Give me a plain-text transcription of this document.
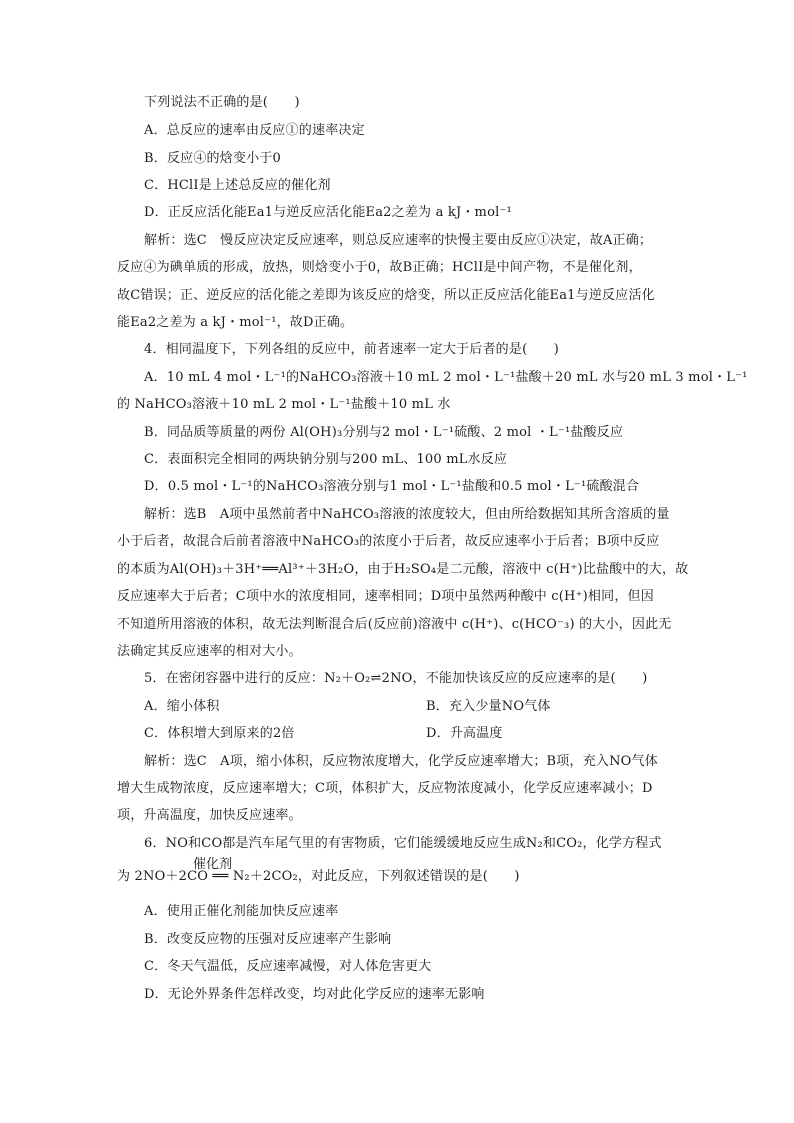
下列说法不正确的是(　　)
A．总反应的速率由反应①的速率决定
B．反应④的焓变小于0
C．HClI是上述总反应的催化剂
D．正反应活化能Ea1与逆反应活化能Ea2之差为 a kJ・mol⁻¹
解析：选C　慢反应决定反应速率，则总反应速率的快慢主要由反应①决定，故A正确；
反应④为碘单质的形成，放热，则焓变小于0，故B正确；HClI是中间产物，不是催化剂，
故C错误；正、逆反应的活化能之差即为该反应的焓变，所以正反应活化能Ea1与逆反应活化
能Ea2之差为 a kJ・mol⁻¹，故D正确。
4．相同温度下，下列各组的反应中，前者速率一定大于后者的是(　　)
A．10 mL 4 mol・L⁻¹的NaHCO₃溶液＋10 mL 2 mol・L⁻¹盐酸＋20 mL 水与20 mL 3 mol・L⁻¹
的 NaHCO₃溶液＋10 mL 2 mol・L⁻¹盐酸＋10 mL 水
B．同品质等质量的两份 Al(OH)₃分别与2 mol・L⁻¹硫酸、2 mol ・L⁻¹盐酸反应
C．表面积完全相同的两块钠分别与200 mL、100 mL水反应
D．0.5 mol・L⁻¹的NaHCO₃溶液分别与1 mol・L⁻¹盐酸和0.5 mol・L⁻¹硫酸混合
解析：选B　A项中虽然前者中NaHCO₃溶液的浓度较大，但由所给数据知其所含溶质的量
小于后者，故混合后前者溶液中NaHCO₃的浓度小于后者，故反应速率小于后者；B项中反应
的本质为Al(OH)₃＋3H⁺══Al³⁺＋3H₂O，由于H₂SO₄是二元酸，溶液中 c(H⁺)比盐酸中的大，故
反应速率大于后者；C项中水的浓度相同，速率相同；D项中虽然两种酸中 c(H⁺)相同，但因
不知道所用溶液的体积，故无法判断混合后(反应前)溶液中 c(H⁺)、c(HCO⁻₃) 的大小，因此无
法确定其反应速率的相对大小。
5．在密闭容器中进行的反应：N₂＋O₂⇌2NO，不能加快该反应的反应速率的是(　　)
A．缩小体积	B．充入少量NO气体
C．体积增大到原来的2倍	D．升高温度
解析：选C　A项，缩小体积，反应物浓度增大，化学反应速率增大；B项，充入NO气体
增大生成物浓度，反应速率增大；C项，体积扩大，反应物浓度减小，化学反应速率减小；D
项，升高温度，加快反应速率。
6．NO和CO都是汽车尾气里的有害物质，它们能缓缓地反应生成N₂和CO₂，化学方程式
催化剂
为 2NO＋2CO ══ N₂＋2CO₂，对此反应，下列叙述错误的是(　　)
A．使用正催化剂能加快反应速率
B．改变反应物的压强对反应速率产生影响
C．冬天气温低，反应速率减慢，对人体危害更大
D．无论外界条件怎样改变，均对此化学反应的速率无影响
